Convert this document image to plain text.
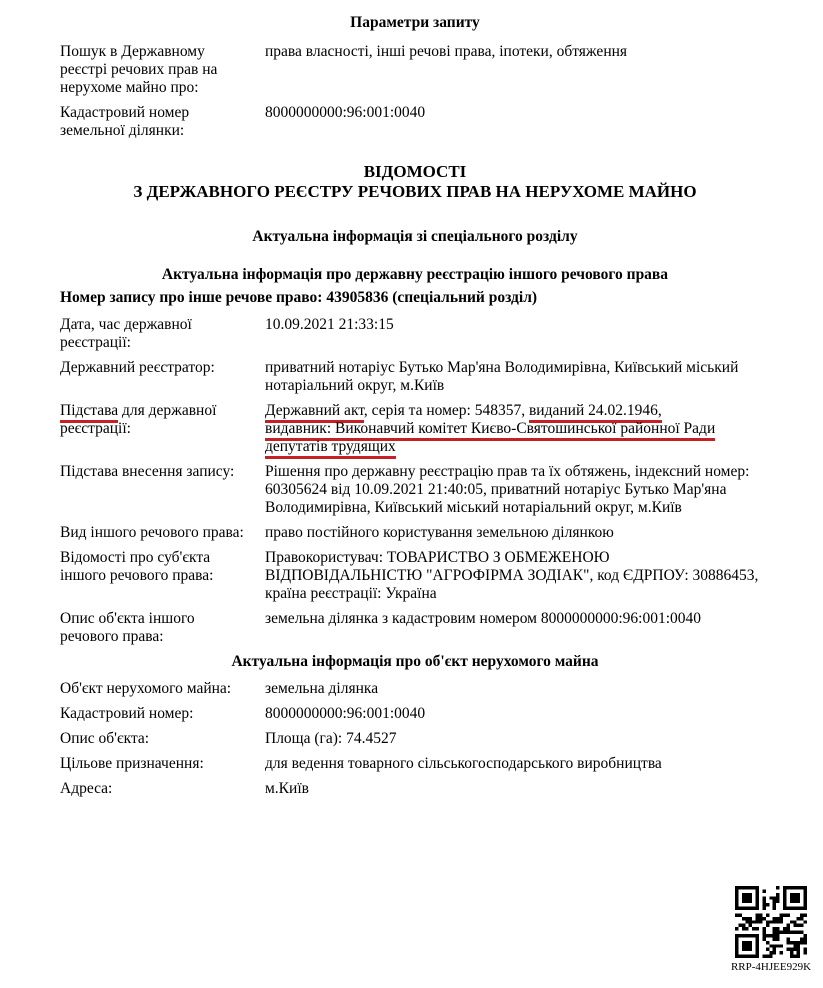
Параметри запиту
Пошук в Державному реєстрі речових прав на нерухоме майно про:
права власності, інші речові права, іпотеки, обтяження
Кадастровий номер земельної ділянки:
8000000000:96:001:0040
ВІДОМОСТІ
З ДЕРЖАВНОГО РЕЄСТРУ РЕЧОВИХ ПРАВ НА НЕРУХОМЕ МАЙНО
Актуальна інформація зі спеціального розділу
Актуальна інформація про державну реєстрацію іншого речового права
Номер запису про інше речове право: 43905836 (спеціальний розділ)
Дата, час державної реєстрації:
10.09.2021 21:33:15
Державний реєстратор:	приватний нотаріус Бутько Мар'яна Володимирівна, Київський міський нотаріальний округ, м.Київ
Підстава для державної реєстрації:
Державний акт, серія та номер: 548357, виданий 24.02.1946,
видавник: Виконавчий комітет Києво-Святошинської районної Ради
депутатів трудящих
Підстава внесення запису:	Рішення про державну реєстрацію прав та їх обтяжень, індексний номер: 60305624 від 10.09.2021 21:40:05, приватний нотаріус Бутько Мар'яна Володимирівна, Київський міський нотаріальний округ, м.Київ
Вид іншого речового права:	право постійного користування земельною ділянкою
Відомості про суб'єкта іншого речового права:
Правокористувач: ТОВАРИСТВО З ОБМЕЖЕНОЮ ВІДПОВІДАЛЬНІСТЮ "АГРОФІРМА ЗОДІАК", код ЄДРПОУ: 30886453, країна реєстрації: Україна
Опис об'єкта іншого речового права:
земельна ділянка з кадастровим номером 8000000000:96:001:0040
Актуальна інформація про об'єкт нерухомого майна
Об'єкт нерухомого майна:	земельна ділянка
Кадастровий номер:	8000000000:96:001:0040
Опис об'єкта:	Площа (га): 74.4527
Цільове призначення:	для ведення товарного сільськогосподарського виробництва
Адреса:	м.Київ
RRP-4HJEE929K
